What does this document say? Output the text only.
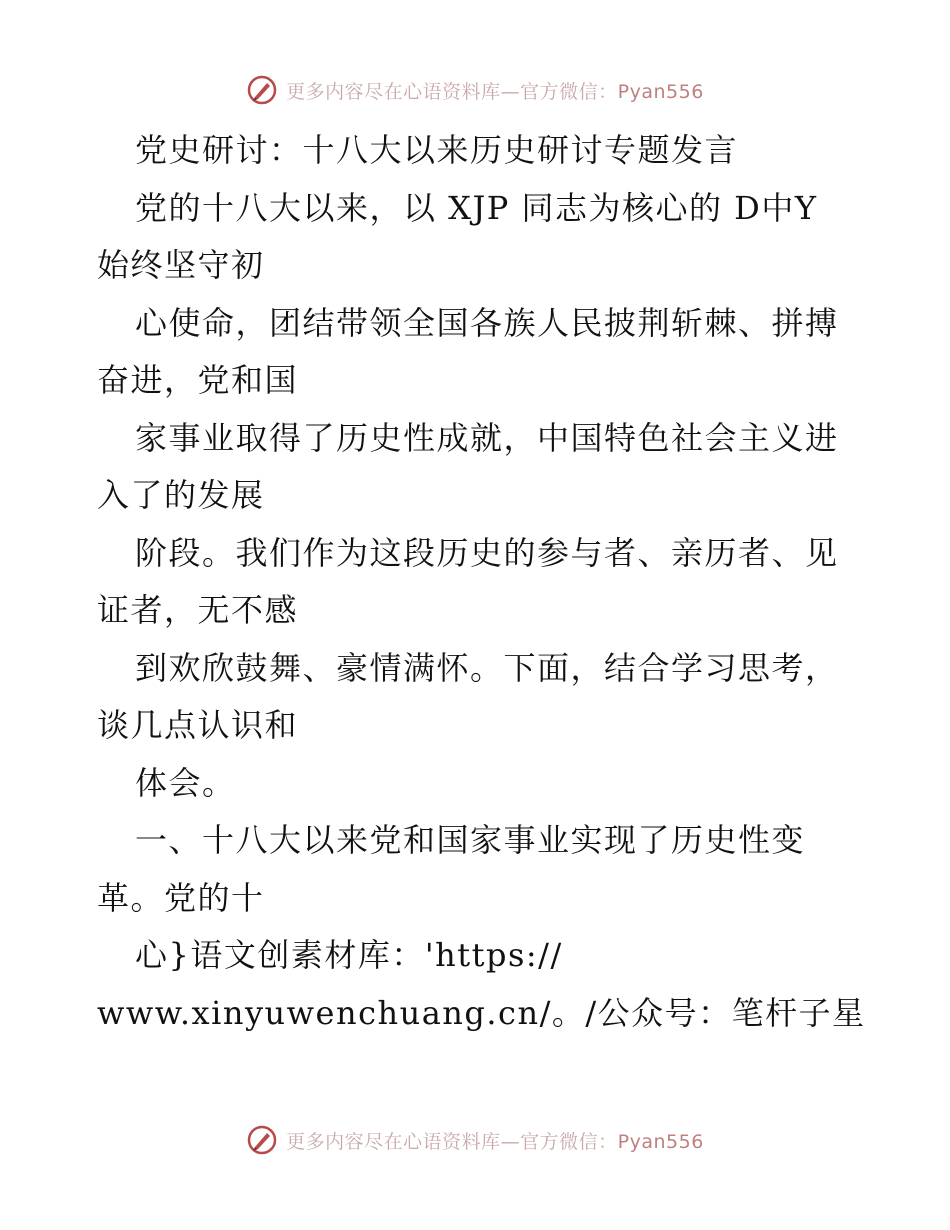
更多内容尽在心语资料库—官方微信：Pyan556
党史研讨：十八大以来历史研讨专题发言
党的十八大以来，以 XJP 同志为核心的 D中Y
始终坚守初
心使命，团结带领全国各族人民披荆斩棘、拼搏
奋进，党和国
家事业取得了历史性成就，中国特色社会主义进
入了的发展
阶段。我们作为这段历史的参与者、亲历者、见
证者，无不感
到欢欣鼓舞、豪情满怀。下面，结合学习思考，
谈几点认识和
体会。
一、十八大以来党和国家事业实现了历史性变
革。党的十
心}语文创素材库：'https://
www.xinyuwenchuang.cn/。/公众号：笔杆子星
更多内容尽在心语资料库—官方微信：Pyan556
